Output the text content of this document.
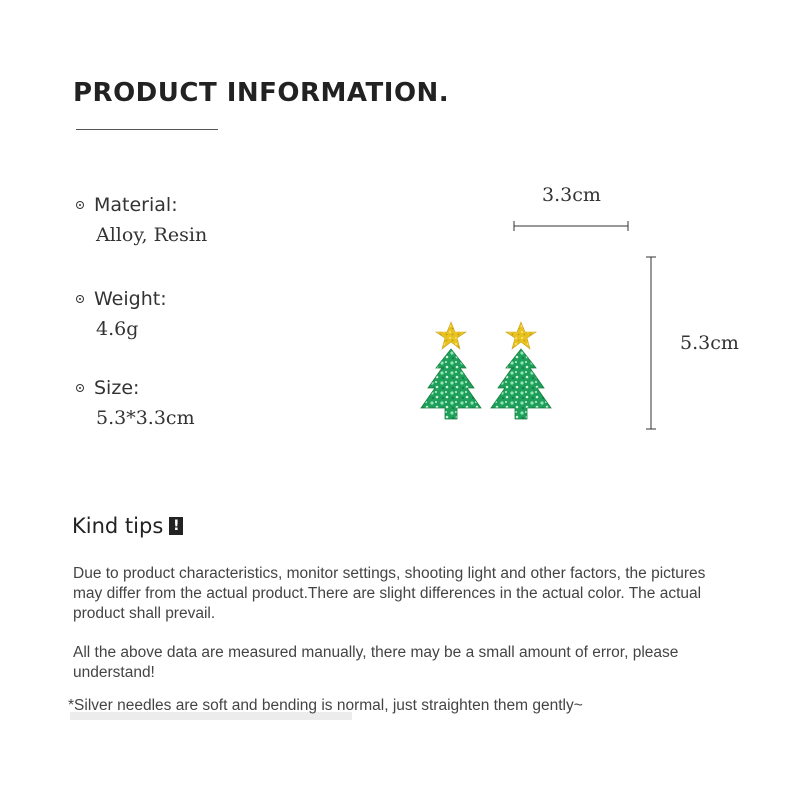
PRODUCT INFORMATION.
Material:
Alloy, Resin
Weight:
4.6g
Size:
5.3*3.3cm
3.3cm
5.3cm
Kind tips !

Due to product characteristics, monitor settings, shooting light and other factors, the pictures may differ from the actual product.There are slight differences in the actual color. The actual product shall prevail.

All the above data are measured manually, there may be a small amount of error, please understand!

*Silver needles are soft and bending is normal, just straighten them gently~
